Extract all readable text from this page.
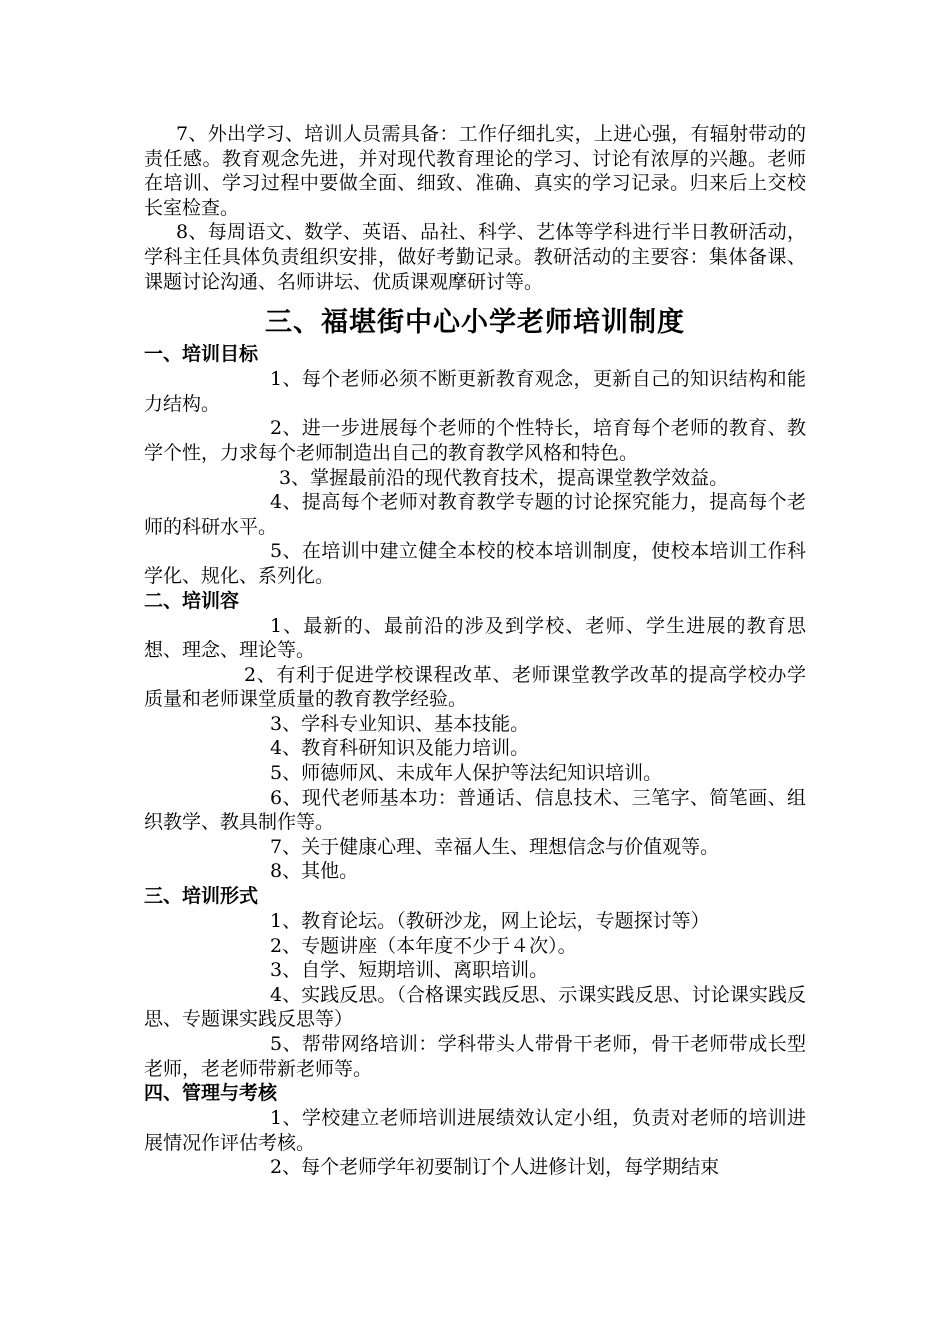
7、外出学习、培训人员需具备：工作仔细扎实，上进心强，有辐射带动的责任感。教育观念先进，并对现代教育理论的学习、讨论有浓厚的兴趣。老师在培训、学习过程中要做全面、细致、准确、真实的学习记录。归来后上交校长室检查。

8、每周语文、数学、英语、品社、科学、艺体等学科进行半日教研活动，学科主任具体负责组织安排，做好考勤记录。教研活动的主要容：集体备课、课题讨论沟通、名师讲坛、优质课观摩研讨等。

三、福堪街中心小学老师培训制度
一、培训目标

1、每个老师必须不断更新教育观念，更新自己的知识结构和能力结构。

2、进一步进展每个老师的个性特长，培育每个老师的教育、教学个性，力求每个老师制造出自己的教育教学风格和特色。

3、掌握最前沿的现代教育技术，提高课堂教学效益。

4、提高每个老师对教育教学专题的讨论探究能力，提高每个老师的科研水平。

5、在培训中建立健全本校的校本培训制度，使校本培训工作科学化、规化、系列化。

二、培训容

1、最新的、最前沿的涉及到学校、老师、学生进展的教育思想、理念、理论等。

2、有利于促进学校课程改革、老师课堂教学改革的提高学校办学质量和老师课堂质量的教育教学经验。

3、学科专业知识、基本技能。

4、教育科研知识及能力培训。

5、师德师风、未成年人保护等法纪知识培训。

6、现代老师基本功：普通话、信息技术、三笔字、简笔画、组织教学、教具制作等。

7、关于健康心理、幸福人生、理想信念与价值观等。

8、其他。

三、培训形式

1、教育论坛。（教研沙龙，网上论坛，专题探讨等）

2、专题讲座（本年度不少于４次）。

3、自学、短期培训、离职培训。

4、实践反思。（合格课实践反思、示课实践反思、讨论课实践反思、专题课实践反思等）

5、帮带网络培训：学科带头人带骨干老师，骨干老师带成长型老师，老老师带新老师等。

四、管理与考核

1、学校建立老师培训进展绩效认定小组，负责对老师的培训进展情况作评估考核。

2、每个老师学年初要制订个人进修计划，每学期结束
